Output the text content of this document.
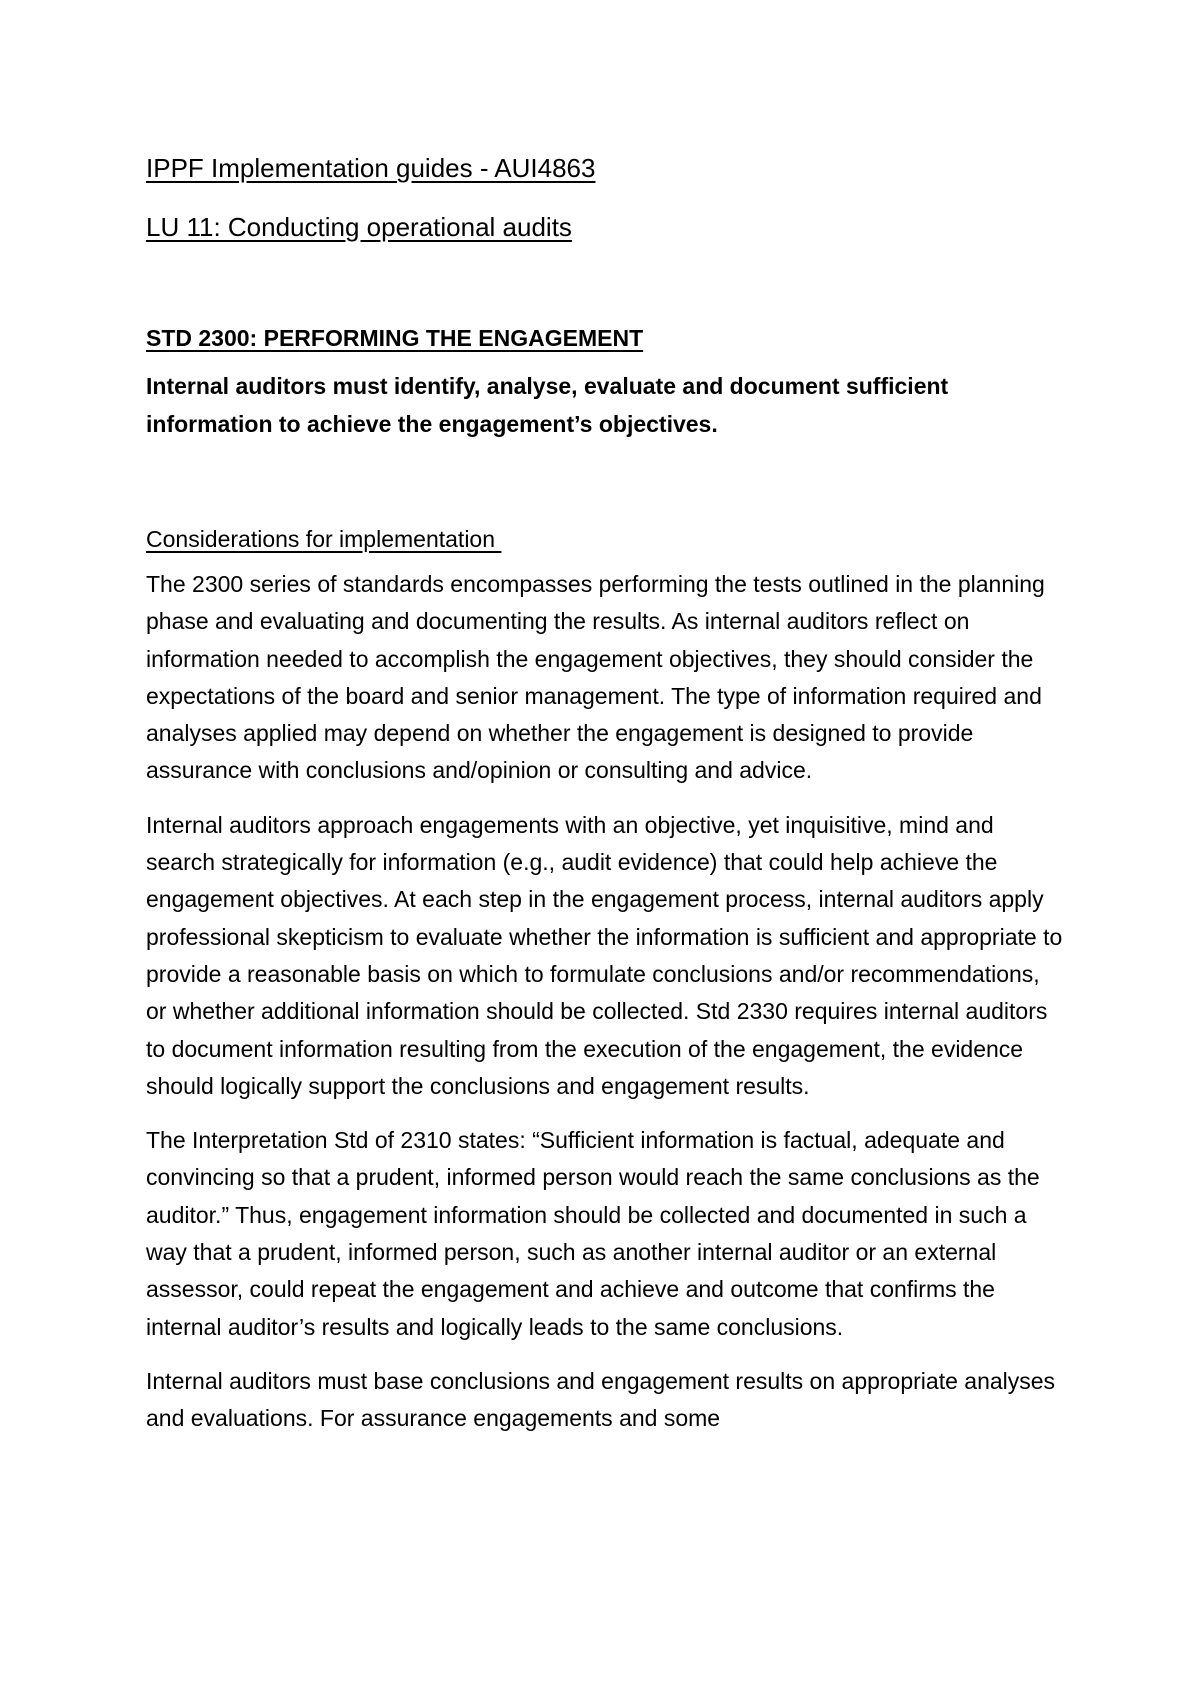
IPPF Implementation guides - AUI4863

LU 11: Conducting operational audits

STD 2300: PERFORMING THE ENGAGEMENT
Internal auditors must identify, analyse, evaluate and document sufficient information to achieve the engagement’s objectives.
Considerations for implementation
The 2300 series of standards encompasses performing the tests outlined in the planning phase and evaluating and documenting the results. As internal auditors reflect on information needed to accomplish the engagement objectives, they should consider the expectations of the board and senior management. The type of information required and analyses applied may depend on whether the engagement is designed to provide assurance with conclusions and/opinion or consulting and advice.
Internal auditors approach engagements with an objective, yet inquisitive, mind and search strategically for information (e.g., audit evidence) that could help achieve the engagement objectives. At each step in the engagement process, internal auditors apply professional skepticism to evaluate whether the information is sufficient and appropriate to provide a reasonable basis on which to formulate conclusions and/or recommendations, or whether additional information should be collected. Std 2330 requires internal auditors to document information resulting from the execution of the engagement, the evidence should logically support the conclusions and engagement results.
The Interpretation Std of 2310 states: “Sufficient information is factual, adequate and convincing so that a prudent, informed person would reach the same conclusions as the auditor.” Thus, engagement information should be collected and documented in such a way that a prudent, informed person, such as another internal auditor or an external assessor, could repeat the engagement and achieve and outcome that confirms the internal auditor’s results and logically leads to the same conclusions.
Internal auditors must base conclusions and engagement results on appropriate analyses and evaluations. For assurance engagements and some
